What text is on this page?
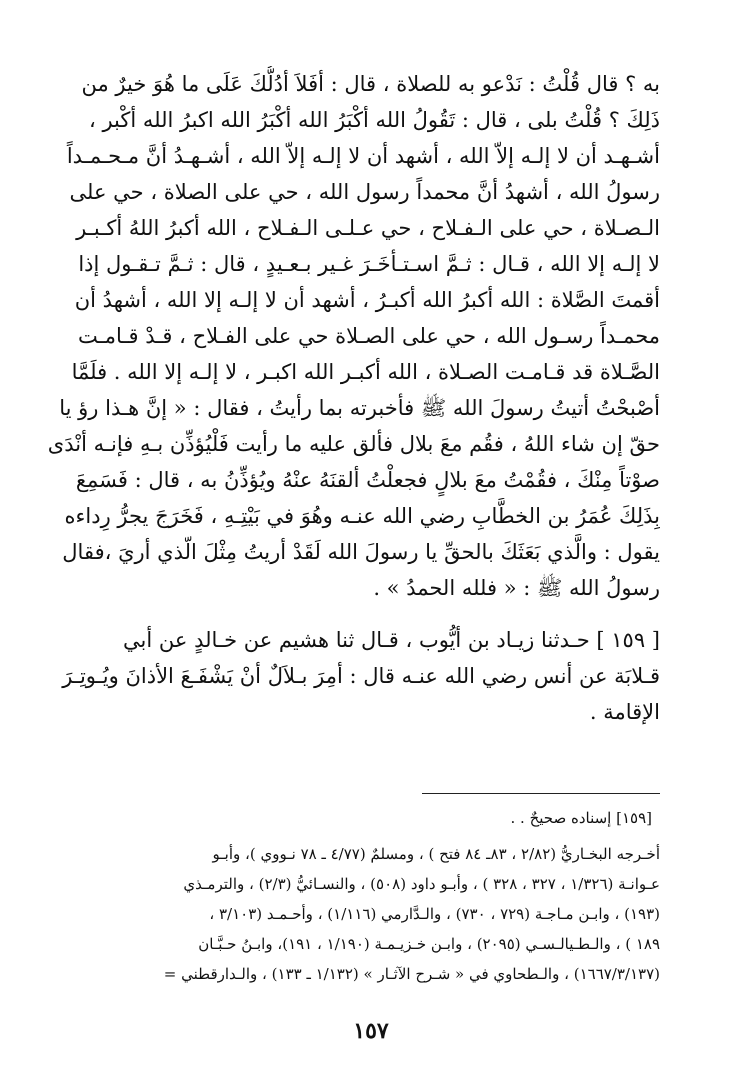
به ؟ قال قُلْتُ : نَدْعو به للصلاة ، قال : أفَلاَ أدُلُّكَ عَلَى ما هُوَ خيرٌ من
ذَلِكَ ؟ قُلْتُ بلى ، قال : تَقُولُ الله أكْبَرُ الله أكْبَرُ الله اكبرُ الله أكْبر ،
أشـهـد أن لا إلـه إلاّ الله ، أشهد أن لا إلـه إلاّ الله ، أشـهـدُ أنَّ مـحـمـداً
رسولُ الله ، أشهدُ أنَّ محمداً رسول الله ، حي على الصلاة ، حي على
الـصـلاة ، حي على الـفـلاح ، حي عـلـى الـفـلاح ، الله أكبرُ اللهُ أكـبـر
لا إلـه إلا الله ، قـال : ثـمَّ اسـتـأخَـرَ غـير بـعـيدٍ ، قال : ثـمَّ تـقـول إذا
أقمتَ الصَّلاة : الله أكبرُ الله أكبـرُ ، أشهد أن لا إلـه إلا الله ، أشهدُ أن
محمـداً رسـول الله ، حي على الصـلاة حي على الفـلاح ، قـدْ قـامـت
الصَّـلاة قد قـامـت الصـلاة ، الله أكبـر الله اكبـر ، لا إلـه إلا الله . فلَمَّا
أصْبحْتُ أتيتُ رسولَ الله ﷺ فأخبرته بما رأيتُ ، فقال : « إنَّ هـذا رؤ يا
حقّ إن شاء اللهُ ، فقُم معَ بلال فألق عليه ما رأيت فَلْيُؤذِّن بـهِ فإنـه أنْدَى
صوْتاً مِنْكَ ، فقُمْتُ معَ بلالٍ فجعلْتُ ألقنَهُ عنْهُ ويُؤذِّنُ به ، قال : فَسَمِعَ
بِذَلِكَ عُمَرُ بن الخطَّابِ رضي الله عنـه وهُوَ في بَيْتِـهِ ، فَخَرَجَ يجرُّ رِداءه
يقول : والَّذي بَعَثَكَ بالحقِّ يا رسولَ الله لَقَدْ أريتُ مِثْلَ الّذي أريَ ،فقال
رسولُ الله ﷺ : « فلله الحمدُ » .
[ ١٥٩ ] حـدثنا زيـاد بن أيُّوب ، قـال ثنا هشيم عن خـالدٍ عن أبي
قـلابَة عن أنس رضي الله عنـه قال : أمِرَ بـلاَلٌ أنْ يَشْفَـعَ الأذانَ ويُـوتِـرَ
الإقامة .
[١٥٩] إسناده صحيحٌ . .
أخـرجه البخـاريُّ (٢/٨٢ ، ٨٣ـ ٨٤ فتح ) ، ومسلمٌ (٤/٧٧ ـ ٧٨ نـووي )، وأبـو
عـوانـة (١/٣٢٦ ، ٣٢٧ ، ٣٢٨ ) ، وأبـو داود (٥٠٨) ، والنسـائيُّ (٢/٣) ، والترمـذي
(١٩٣) ، وابـن مـاجـة (٧٢٩ ، ٧٣٠) ، والـدَّارمي (١/١١٦) ، وأحـمـد (٣/١٠٣ ،
١٨٩ ) ، والـطـيالـسـي (٢٠٩٥) ، وابـن خـزيـمـة (١/١٩٠ ، ١٩١)، وابـنُ حـبَّـان
(١٦٦٧/٣/١٣٧) ، والـطحاوي في « شـرح الآثـار » (١/١٣٢ ـ ١٣٣) ، والـدارقطني =
١٥٧
